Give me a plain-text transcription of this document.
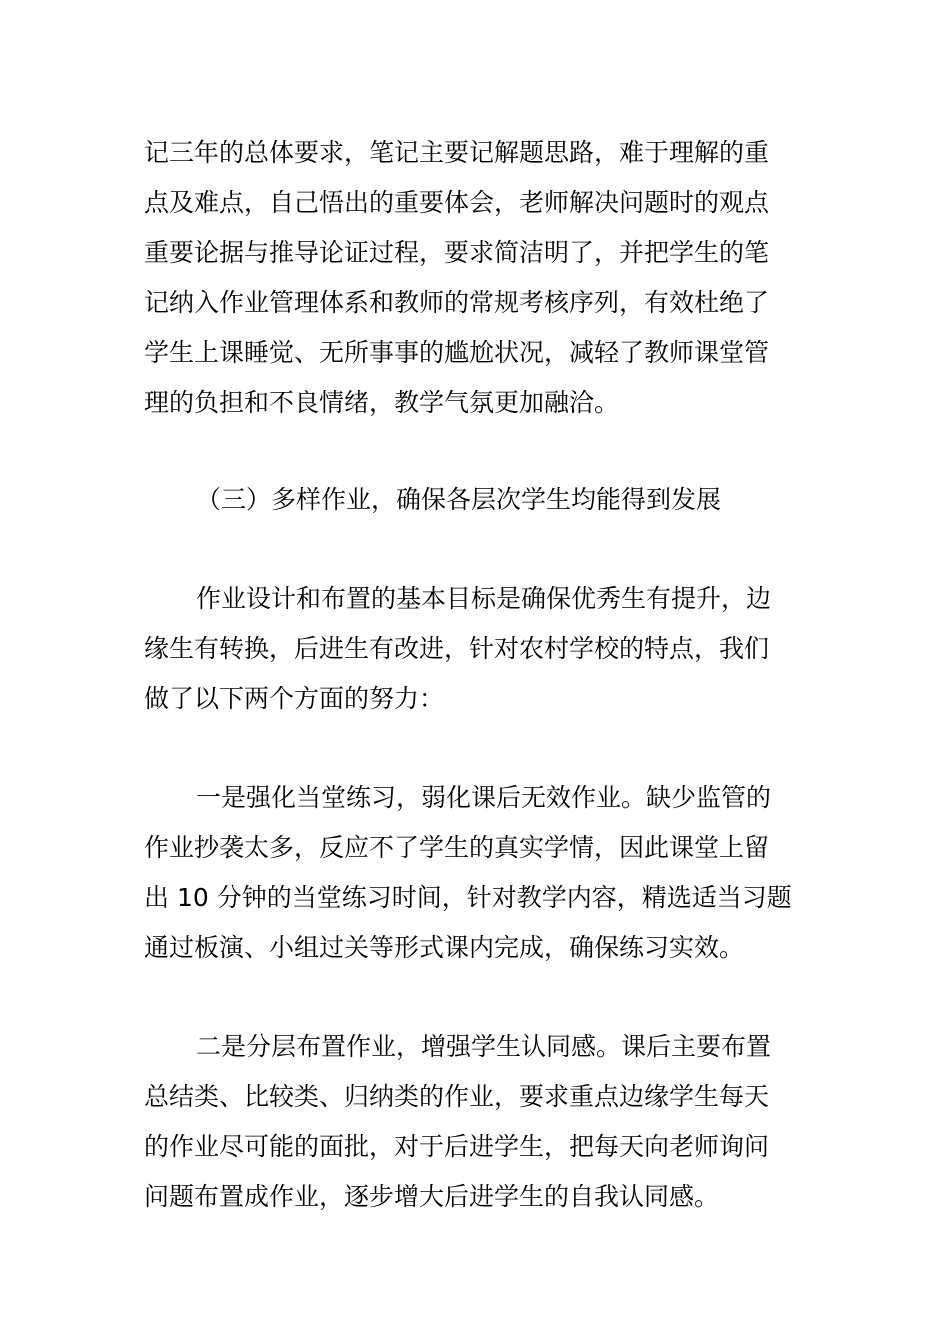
记三年的总体要求，笔记主要记解题思路，难于理解的重
点及难点，自己悟出的重要体会，老师解决问题时的观点
重要论据与推导论证过程，要求简洁明了，并把学生的笔
记纳入作业管理体系和教师的常规考核序列，有效杜绝了
学生上课睡觉、无所事事的尴尬状况，减轻了教师课堂管
理的负担和不良情绪，教学气氛更加融洽。
（三）多样作业，确保各层次学生均能得到发展
作业设计和布置的基本目标是确保优秀生有提升，边
缘生有转换，后进生有改进，针对农村学校的特点，我们
做了以下两个方面的努力：
一是强化当堂练习，弱化课后无效作业。缺少监管的
作业抄袭太多，反应不了学生的真实学情，因此课堂上留
出 10 分钟的当堂练习时间，针对教学内容，精选适当习题
通过板演、小组过关等形式课内完成，确保练习实效。
二是分层布置作业，增强学生认同感。课后主要布置
总结类、比较类、归纳类的作业，要求重点边缘学生每天
的作业尽可能的面批，对于后进学生，把每天向老师询问
问题布置成作业，逐步增大后进学生的自我认同感。
